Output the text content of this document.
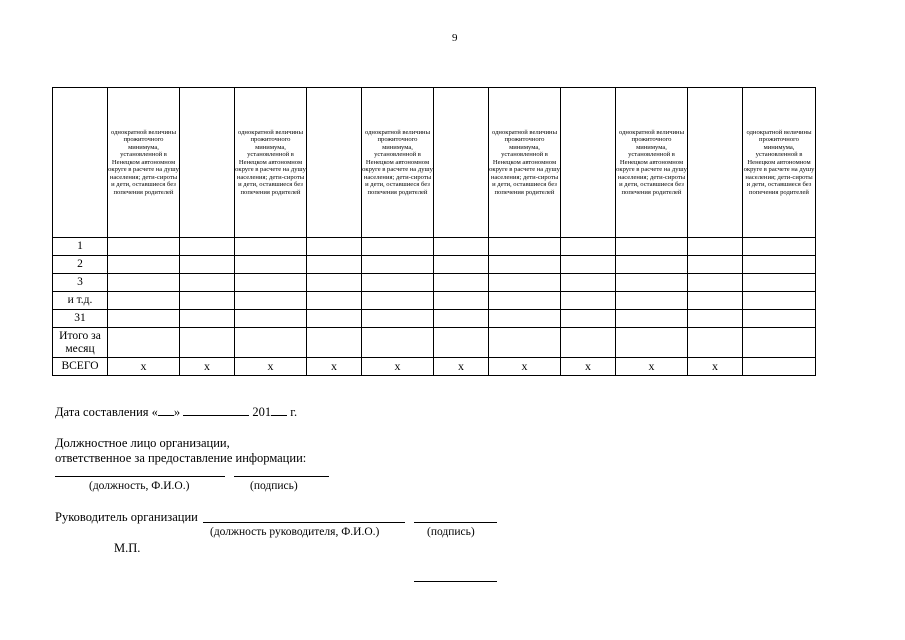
9
	однократной величины прожиточного минимума, установленной в Ненецком автономном округе в расчете на душу населения; дети-сироты и дети, оставшиеся без попечения родителей		однократной величины прожиточного минимума, установленной в Ненецком автономном округе в расчете на душу населения; дети-сироты и дети, оставшиеся без попечения родителей		однократной величины прожиточного минимума, установленной в Ненецком автономном округе в расчете на душу населения; дети-сироты и дети, оставшиеся без попечения родителей		однократной величины прожиточного минимума, установленной в Ненецком автономном округе в расчете на душу населения; дети-сироты и дети, оставшиеся без попечения родителей		однократной величины прожиточного минимума, установленной в Ненецком автономном округе в расчете на душу населения; дети-сироты и дети, оставшиеся без попечения родителей		однократной величины прожиточного минимума, установленной в Ненецком автономном округе в расчете на душу населения; дети-сироты и дети, оставшиеся без попечения родителей
1											
2											
3											
и т.д.											
31											
Итого за месяц											
ВСЕГО	х	х	х	х	х	х	х	х	х	х	
Дата составления « »	201 г.
Должностное лицо организации,
ответственное за предоставление информации:
(должность, Ф.И.О.)	(подпись)
Руководитель организации
(должность руководителя, Ф.И.О.)	(подпись)
М.П.
